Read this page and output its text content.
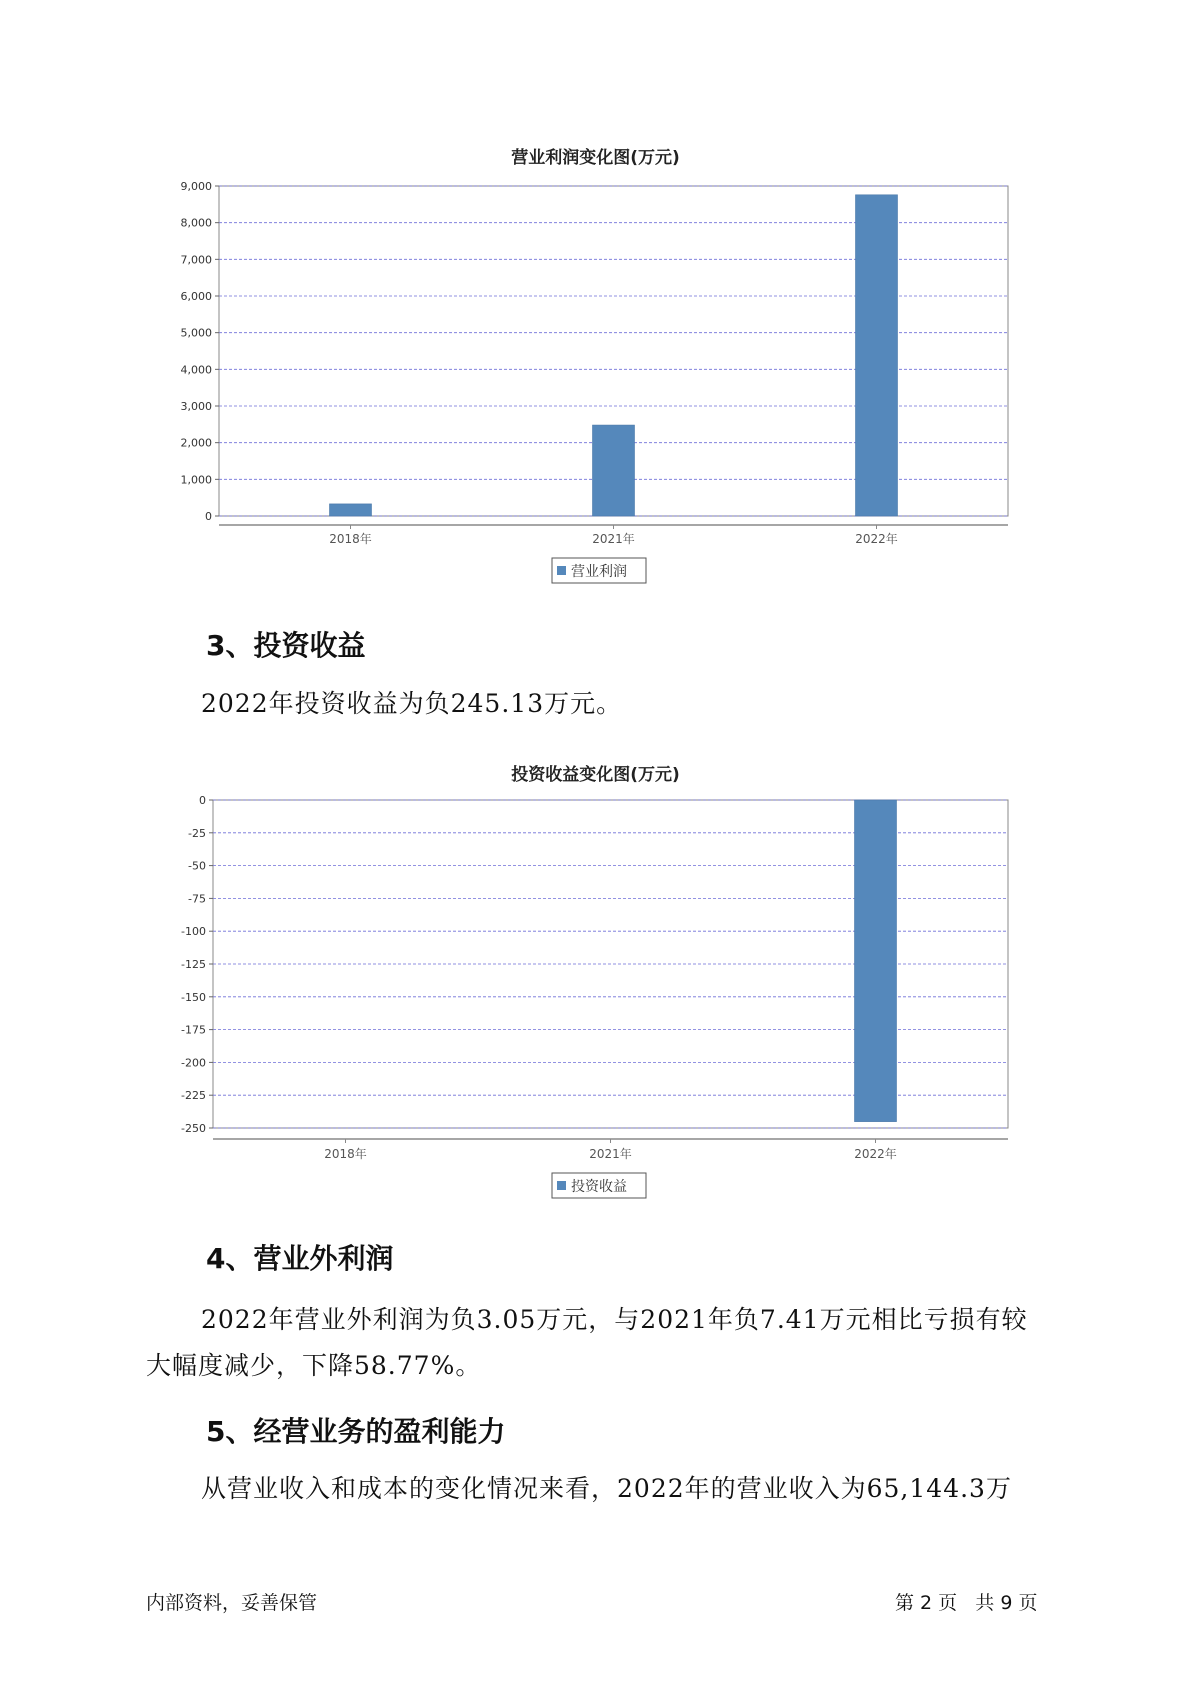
营业利润变化图(万元)
0
1,000
2,000
3,000
4,000
5,000
6,000
7,000
8,000
9,000
2018年	2021年	2022年
营业利润
3、投资收益
2022年投资收益为负245.13万元。
投资收益变化图(万元)
0
-25
-50
-75
-100
-125
-150
-175
-200
-225
-250
2018年	2021年	2022年
投资收益
4、营业外利润
2022年营业外利润为负3.05万元，与2021年负7.41万元相比亏损有较
大幅度减少，下降58.77%。
5、经营业务的盈利能力
从营业收入和成本的变化情况来看，2022年的营业收入为65,144.3万
内部资料，妥善保管	第 2 页 共 9 页
